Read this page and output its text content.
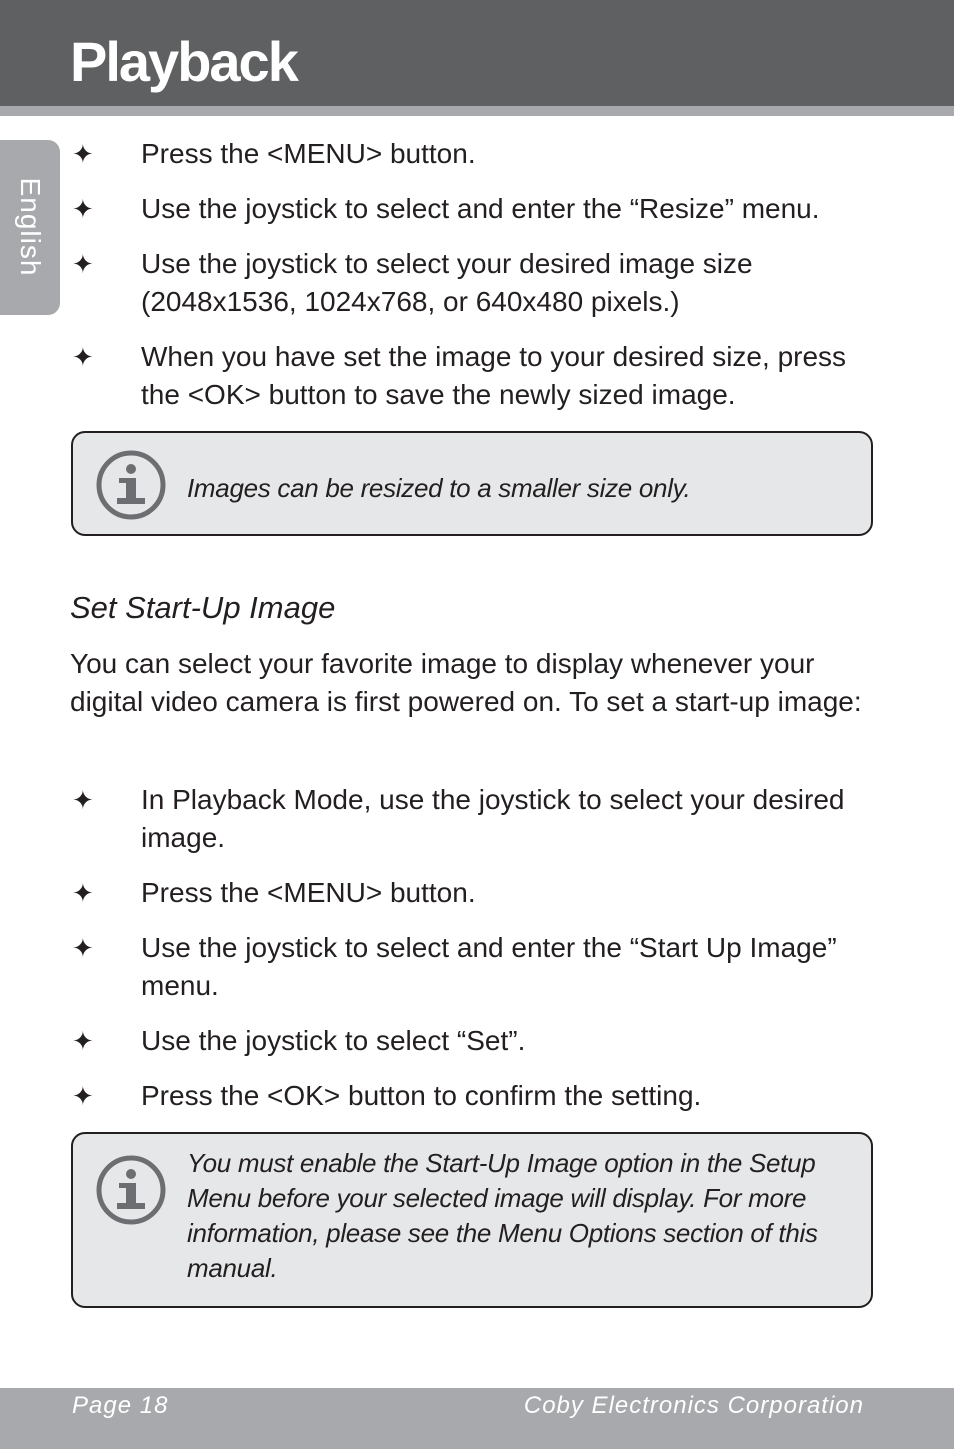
Playback
English
✦ Press the <MENU> button.
✦ Use the joystick to select and enter the “Resize” menu.
✦ Use the joystick to select your desired image size (2048x1536, 1024x768, or 640x480 pixels.)
✦ When you have set the image to your desired size, press the <OK> button to save the newly sized image.
Images can be resized to a smaller size only.
Set Start-Up Image
You can select your favorite image to display whenever your digital video camera is first powered on. To set a start-up image:
✦ In Playback Mode, use the joystick to select your desired image.
✦ Press the <MENU> button.
✦ Use the joystick to select and enter the “Start Up Image” menu.
✦ Use the joystick to select “Set”.
✦ Press the <OK> button to confirm the setting.
You must enable the Start-Up Image option in the Setup Menu before your selected image will display. For more information, please see the Menu Options section of this manual.
Page 18	Coby Electronics Corporation
